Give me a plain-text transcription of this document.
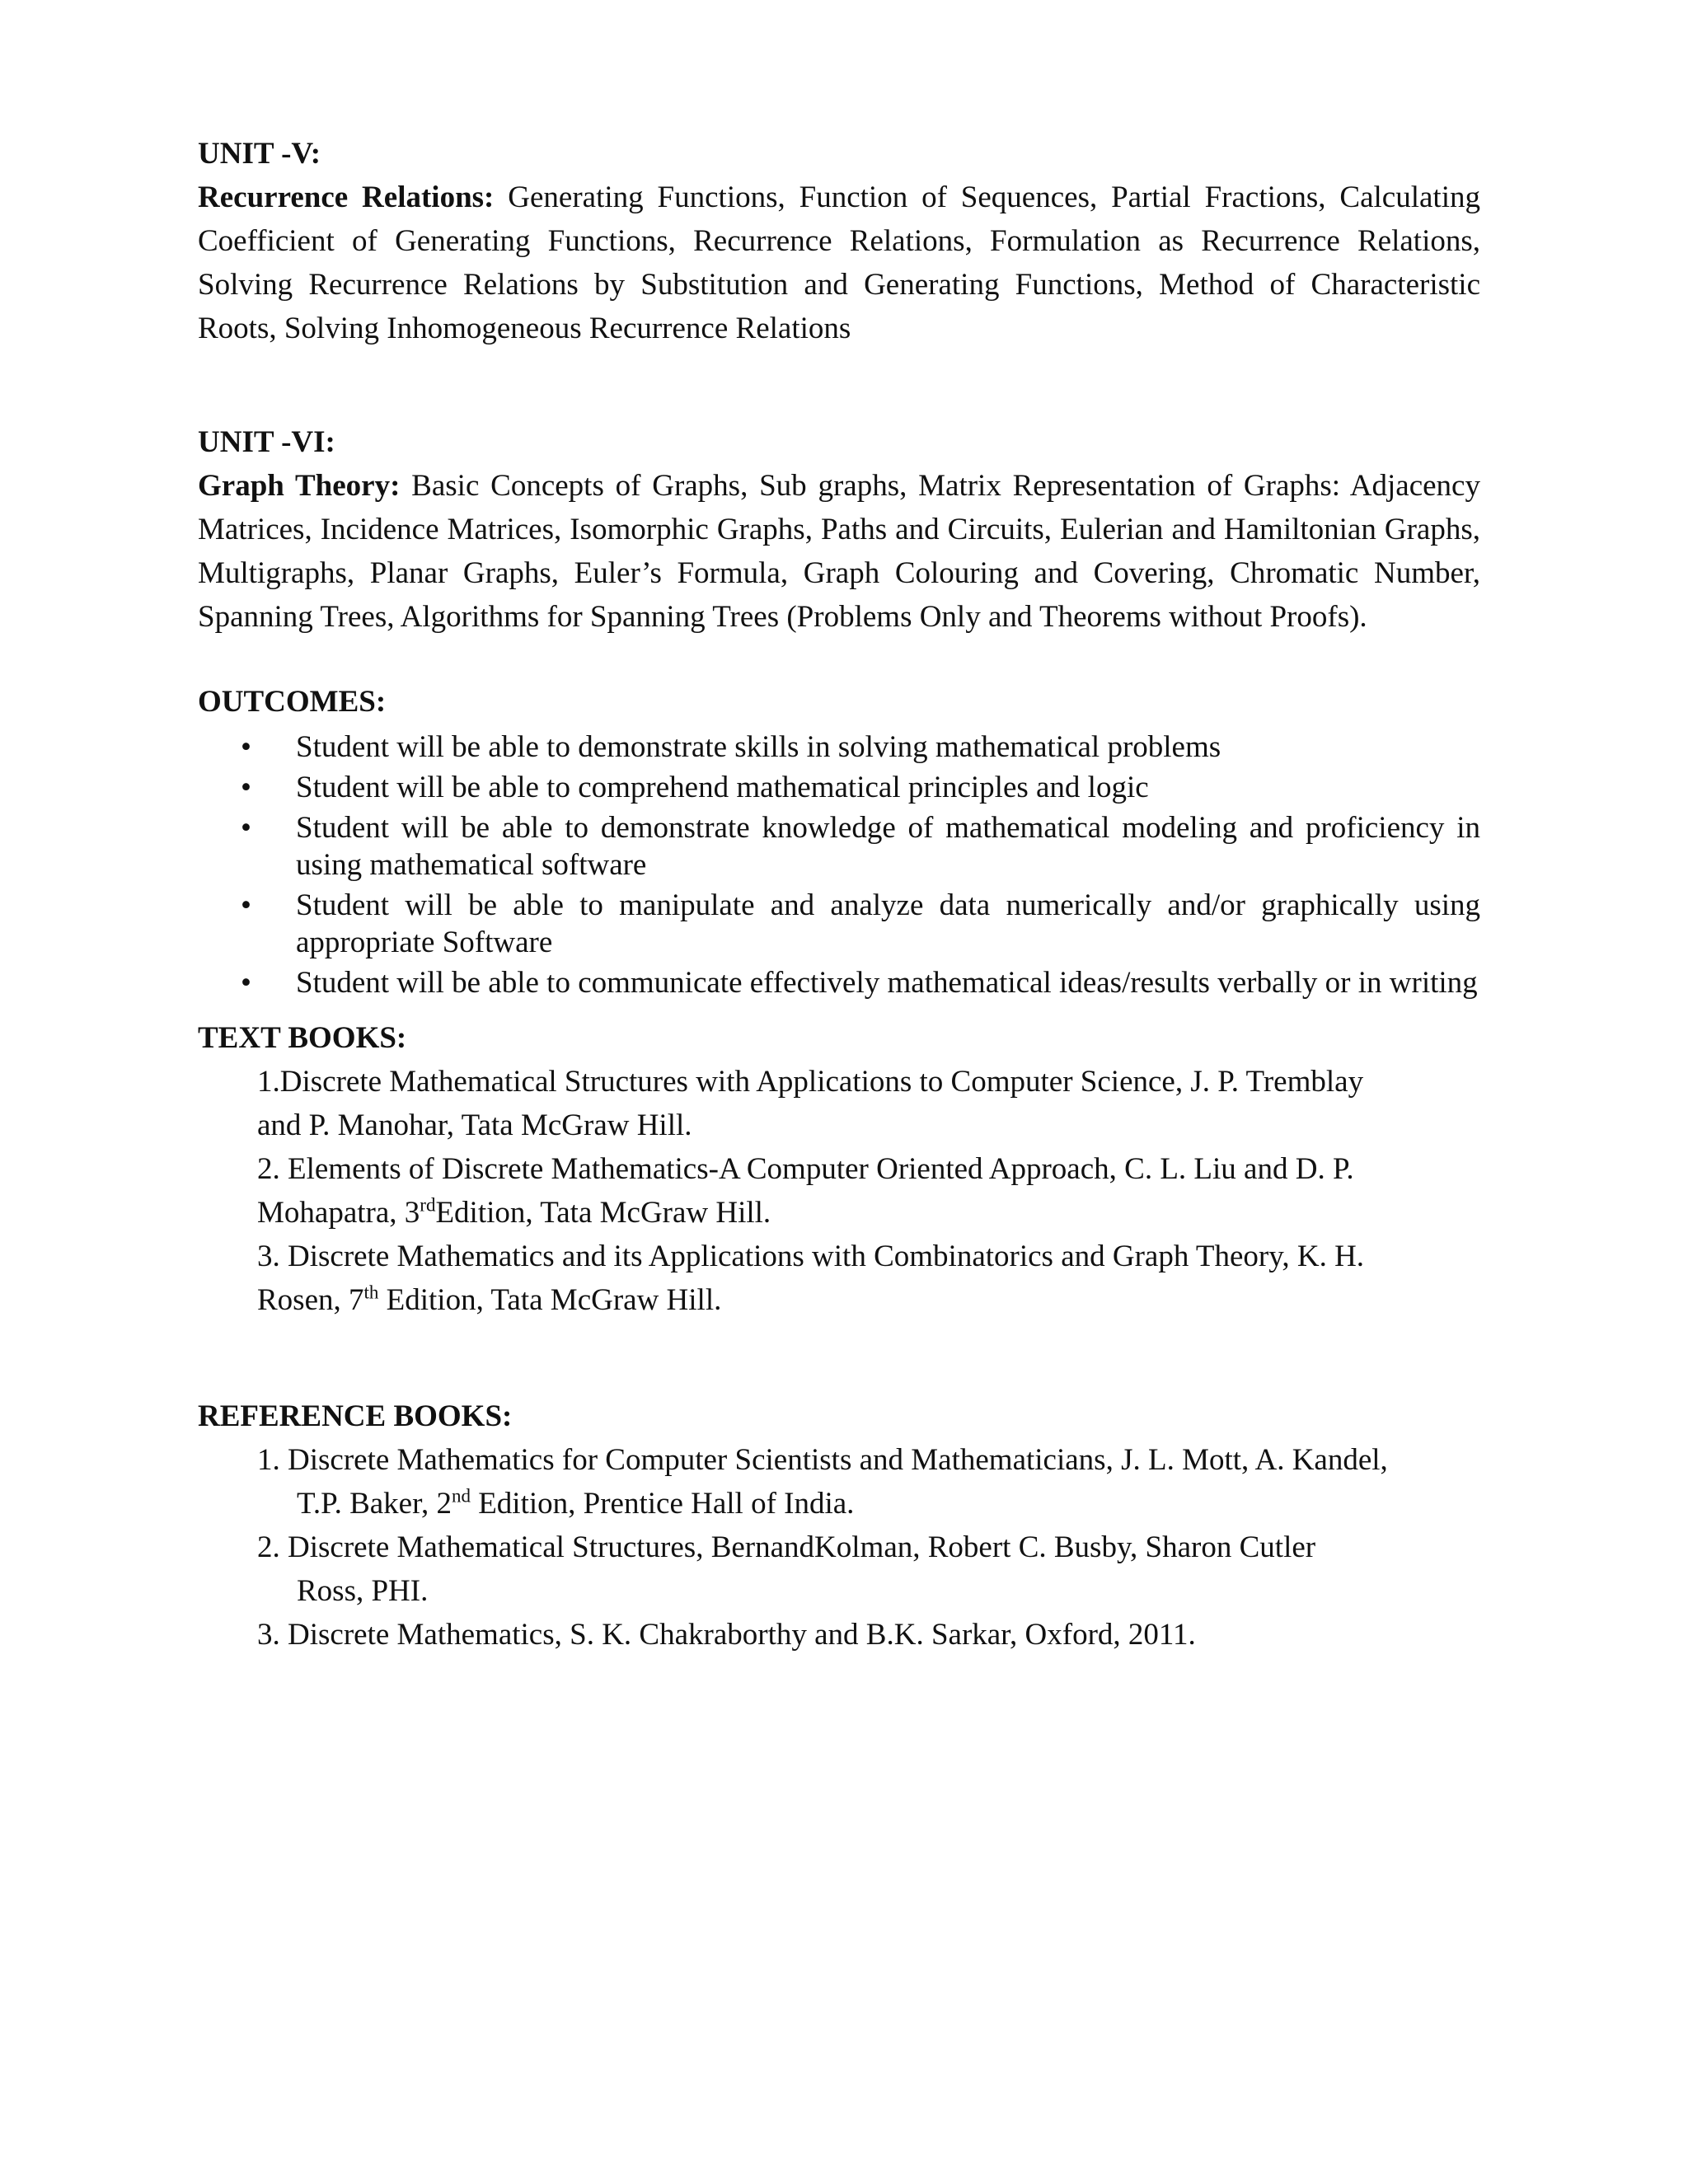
UNIT -V:

Recurrence Relations: Generating Functions, Function of Sequences, Partial Fractions, Calculating Coefficient of Generating Functions, Recurrence Relations, Formulation as Recurrence Relations, Solving Recurrence Relations by Substitution and Generating Functions, Method of Characteristic Roots, Solving Inhomogeneous Recurrence Relations

UNIT -VI:

Graph Theory: Basic Concepts of Graphs, Sub graphs, Matrix Representation of Graphs: Adjacency Matrices, Incidence Matrices, Isomorphic Graphs, Paths and Circuits, Eulerian and Hamiltonian Graphs, Multigraphs, Planar Graphs, Euler’s Formula, Graph Colouring and Covering, Chromatic Number, Spanning Trees, Algorithms for Spanning Trees (Problems Only and Theorems without Proofs).

OUTCOMES:

• Student will be able to demonstrate skills in solving mathematical problems
• Student will be able to comprehend mathematical principles and logic
• Student will be able to demonstrate knowledge of mathematical modeling and proficiency in using mathematical software
• Student will be able to manipulate and analyze data numerically and/or graphically using appropriate Software
• Student will be able to communicate effectively mathematical ideas/results verbally or in writing

TEXT BOOKS:

1.Discrete Mathematical Structures with Applications to Computer Science, J. P. Tremblay
and P. Manohar, Tata McGraw Hill.
2. Elements of Discrete Mathematics-A Computer Oriented Approach, C. L. Liu and D. P.
Mohapatra, 3rdEdition, Tata McGraw Hill.
3. Discrete Mathematics and its Applications with Combinatorics and Graph Theory, K. H.
Rosen, 7th Edition, Tata McGraw Hill.

REFERENCE BOOKS:

1. Discrete Mathematics for Computer Scientists and Mathematicians, J. L. Mott, A. Kandel,
T.P. Baker, 2nd Edition, Prentice Hall of India.
2. Discrete Mathematical Structures, BernandKolman, Robert C. Busby, Sharon Cutler
Ross, PHI.
3. Discrete Mathematics, S. K. Chakraborthy and B.K. Sarkar, Oxford, 2011.
